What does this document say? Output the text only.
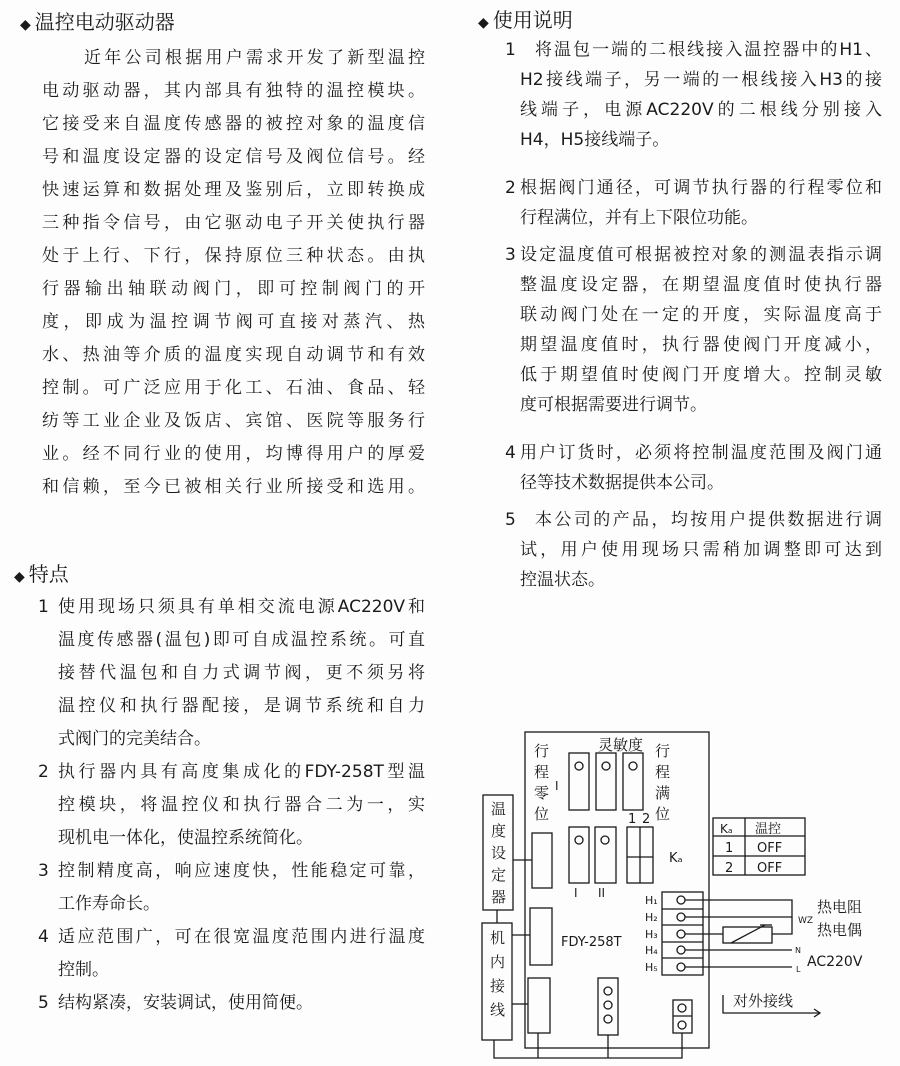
◆ 温控电动驱动器
◆ 特点
◆ 使用说明
灵敏度
I
I II
1 2
Kₐ
FDY-258T
H₁
H₂
H₃
H₄
H₅
Kₐ 温控
1 OFF
2 OFF
热电阻
热电偶
WZ
N
L AC220V
对外接线
行程零位	行程满位
温度设定器
机内接线
近年公司根据用户需求开发了新型温控
电动驱动器，其内部具有独特的温控模块。
它接受来自温度传感器的被控对象的温度信
号和温度设定器的设定信号及阀位信号。经
快速运算和数据处理及鉴别后，立即转换成
三种指令信号，由它驱动电子开关使执行器
处于上行、下行，保持原位三种状态。由执
行器输出轴联动阀门，即可控制阀门的开
度，即成为温控调节阀可直接对蒸汽、热
水、热油等介质的温度实现自动调节和有效
控制。可广泛应用于化工、石油、食品、轻
纺等工业企业及饭店、宾馆、医院等服务行
业。经不同行业的使用，均博得用户的厚爱
和信赖，至今已被相关行业所接受和选用。
1 使用现场只须具有单相交流电源AC220V和
温度传感器(温包)即可自成温控系统。可直
接替代温包和自力式调节阀，更不须另将
温控仪和执行器配接，是调节系统和自力
式阀门的完美结合。
2 执行器内具有高度集成化的FDY-258T型温
控模块，将温控仪和执行器合二为一，实
现机电一体化，使温控系统简化。
3 控制精度高，响应速度快，性能稳定可靠，
工作寿命长。
4 适应范围广，可在很宽温度范围内进行温度
控制。
5 结构紧凑，安装调试，使用简便。
1 将温包一端的二根线接入温控器中的H1、
H2接线端子，另一端的一根线接入H3的接
线端子，电源AC220V的二根线分别接入
H4，H5接线端子。
2 根据阀门通径，可调节执行器的行程零位和
行程满位，并有上下限位功能。
3 设定温度值可根据被控对象的测温表指示调
整温度设定器，在期望温度值时使执行器
联动阀门处在一定的开度，实际温度高于
期望温度值时，执行器使阀门开度减小，
低于期望值时使阀门开度增大。控制灵敏
度可根据需要进行调节。
4 用户订货时，必须将控制温度范围及阀门通
径等技术数据提供本公司。
5 本公司的产品，均按用户提供数据进行调
试，用户使用现场只需稍加调整即可达到
控温状态。
